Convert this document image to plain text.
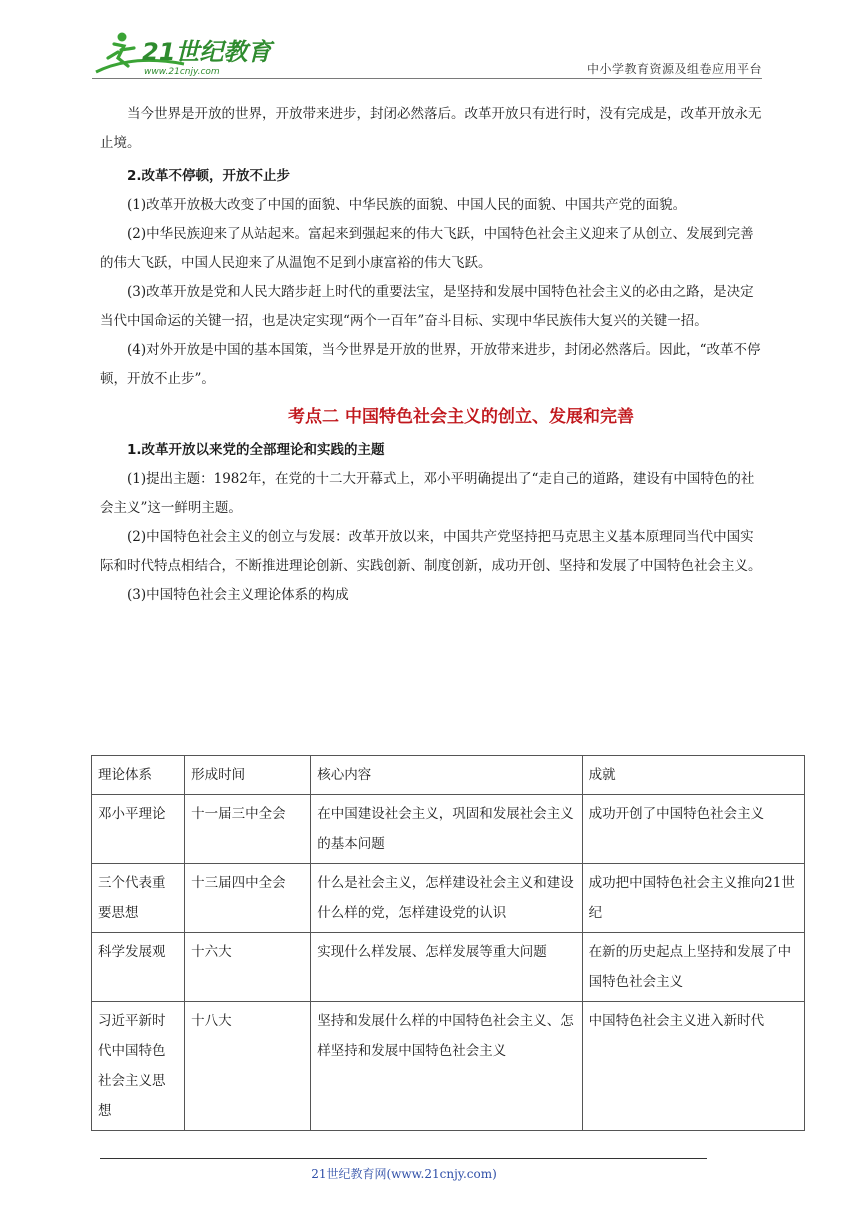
21世纪教育
www.21cnjy.com	中小学教育资源及组卷应用平台

当今世界是开放的世界，开放带来进步，封闭必然落后。改革开放只有进行时，没有完成是，改革开放永无止境。

2.改革不停顿，开放不止步

(1)改革开放极大改变了中国的面貌、中华民族的面貌、中国人民的面貌、中国共产党的面貌。

(2)中华民族迎来了从站起来。富起来到强起来的伟大飞跃，中国特色社会主义迎来了从创立、发展到完善的伟大飞跃，中国人民迎来了从温饱不足到小康富裕的伟大飞跃。

(3)改革开放是党和人民大踏步赶上时代的重要法宝，是坚持和发展中国特色社会主义的必由之路，是决定当代中国命运的关键一招，也是决定实现“两个一百年”奋斗目标、实现中华民族伟大复兴的关键一招。

(4)对外开放是中国的基本国策，当今世界是开放的世界，开放带来进步，封闭必然落后。因此，“改革不停顿，开放不止步”。

考点二 中国特色社会主义的创立、发展和完善

1.改革开放以来党的全部理论和实践的主题

(1)提出主题：1982年，在党的十二大开幕式上，邓小平明确提出了“走自己的道路，建设有中国特色的社会主义”这一鲜明主题。

(2)中国特色社会主义的创立与发展：改革开放以来，中国共产党坚持把马克思主义基本原理同当代中国实际和时代特点相结合，不断推进理论创新、实践创新、制度创新，成功开创、坚持和发展了中国特色社会主义。

(3)中国特色社会主义理论体系的构成

理论体系	形成时间	核心内容	成就
邓小平理论	十一届三中全会	在中国建设社会主义，巩固和发展社会主义的基本问题	成功开创了中国特色社会主义
三个代表重要思想	十三届四中全会	什么是社会主义，怎样建设社会主义和建设什么样的党，怎样建设党的认识	成功把中国特色社会主义推向21世纪
科学发展观	十六大	实现什么样发展、怎样发展等重大问题	在新的历史起点上坚持和发展了中国特色社会主义
习近平新时代中国特色社会主义思想	十八大	坚持和发展什么样的中国特色社会主义、怎样坚持和发展中国特色社会主义	中国特色社会主义进入新时代
21世纪教育网(www.21cnjy.com)
